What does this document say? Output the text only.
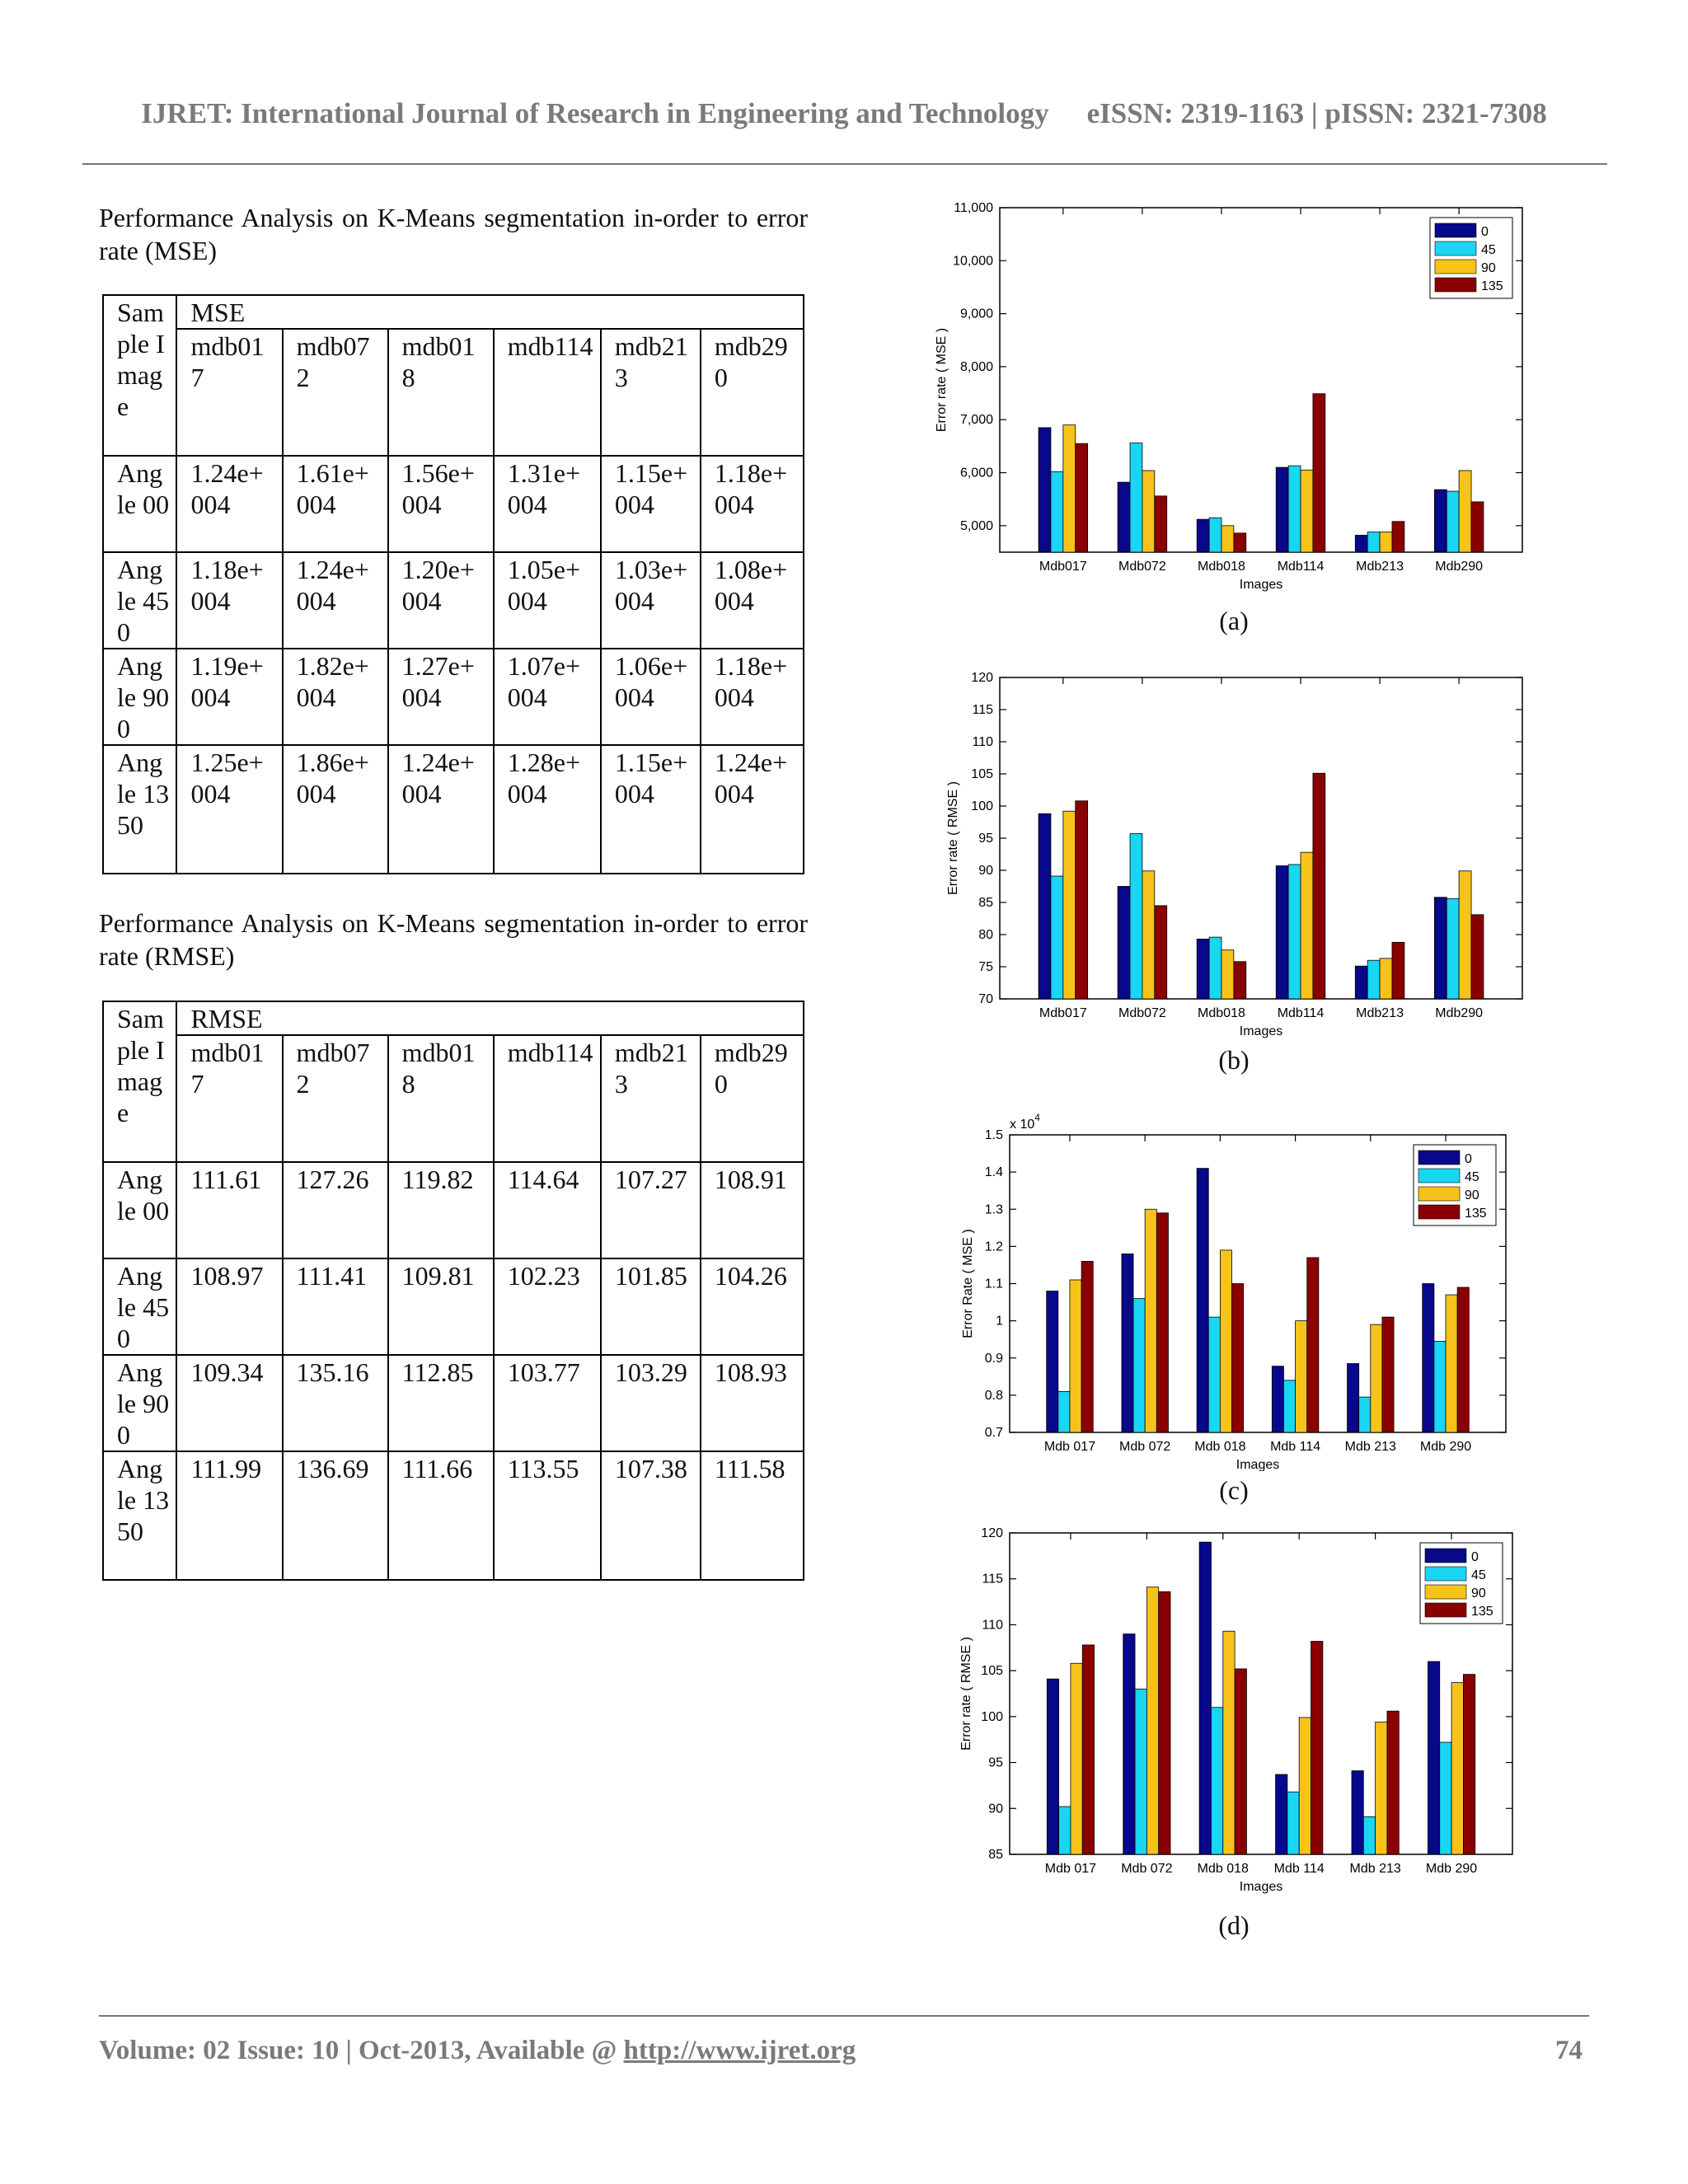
IJRET: International Journal of Research in Engineering and Technology eISSN: 2319-1163 | pISSN: 2321-7308
Performance Analysis on K-Means segmentation in-order to error rate (MSE)
Sample Image	MSE					
	mdb017	mdb072	mdb018	mdb114	mdb213	mdb290
Angle 00	1.24e+004	1.61e+004	1.56e+004	1.31e+004	1.15e+004	1.18e+004
Angle 450	1.18e+004	1.24e+004	1.20e+004	1.05e+004	1.03e+004	1.08e+004
Angle 900	1.19e+004	1.82e+004	1.27e+004	1.07e+004	1.06e+004	1.18e+004
Angle 1350	1.25e+004	1.86e+004	1.24e+004	1.28e+004	1.15e+004	1.24e+004
Performance Analysis on K-Means segmentation in-order to error rate (RMSE)
Sample Image	RMSE					
	mdb017	mdb072	mdb018	mdb114	mdb213	mdb290
Angle 00	111.61	127.26	119.82	114.64	107.27	108.91
Angle 450	108.97	111.41	109.81	102.23	101.85	104.26
Angle 900	109.34	135.16	112.85	103.77	103.29	108.93
Angle 1350	111.99	136.69	111.66	113.55	107.38	111.58
5,000
6,000
7,000
8,000
9,000
10,000
11,000
Mdb017 Mdb072 Mdb018 Mdb114 Mdb213 Mdb290
Images
Error rate ( MSE )
0
45
90
135
(a)
70
75
80
85
90
95
100
105
110
115
120
Mdb017 Mdb072 Mdb018 Mdb114 Mdb213 Mdb290
Images
Error rate ( RMSE )
(b)
0.7
0.8
0.9
1
1.1
1.2
1.3
1.4
1.5
Mdb 017 Mdb 072 Mdb 018 Mdb 114 Mdb 213 Mdb 290
Images
Error Rate ( MSE )
x $10^4$
0
45
90
135
(c)
85
90
95
100
105
110
115
120
Mdb 017 Mdb 072 Mdb 018 Mdb 114 Mdb 213 Mdb 290
Images
Error rate ( RMSE )
0
45
90
135
(d)
Volume: 02 Issue: 10 | Oct-2013, Available @ http://www.ijret.org	74
